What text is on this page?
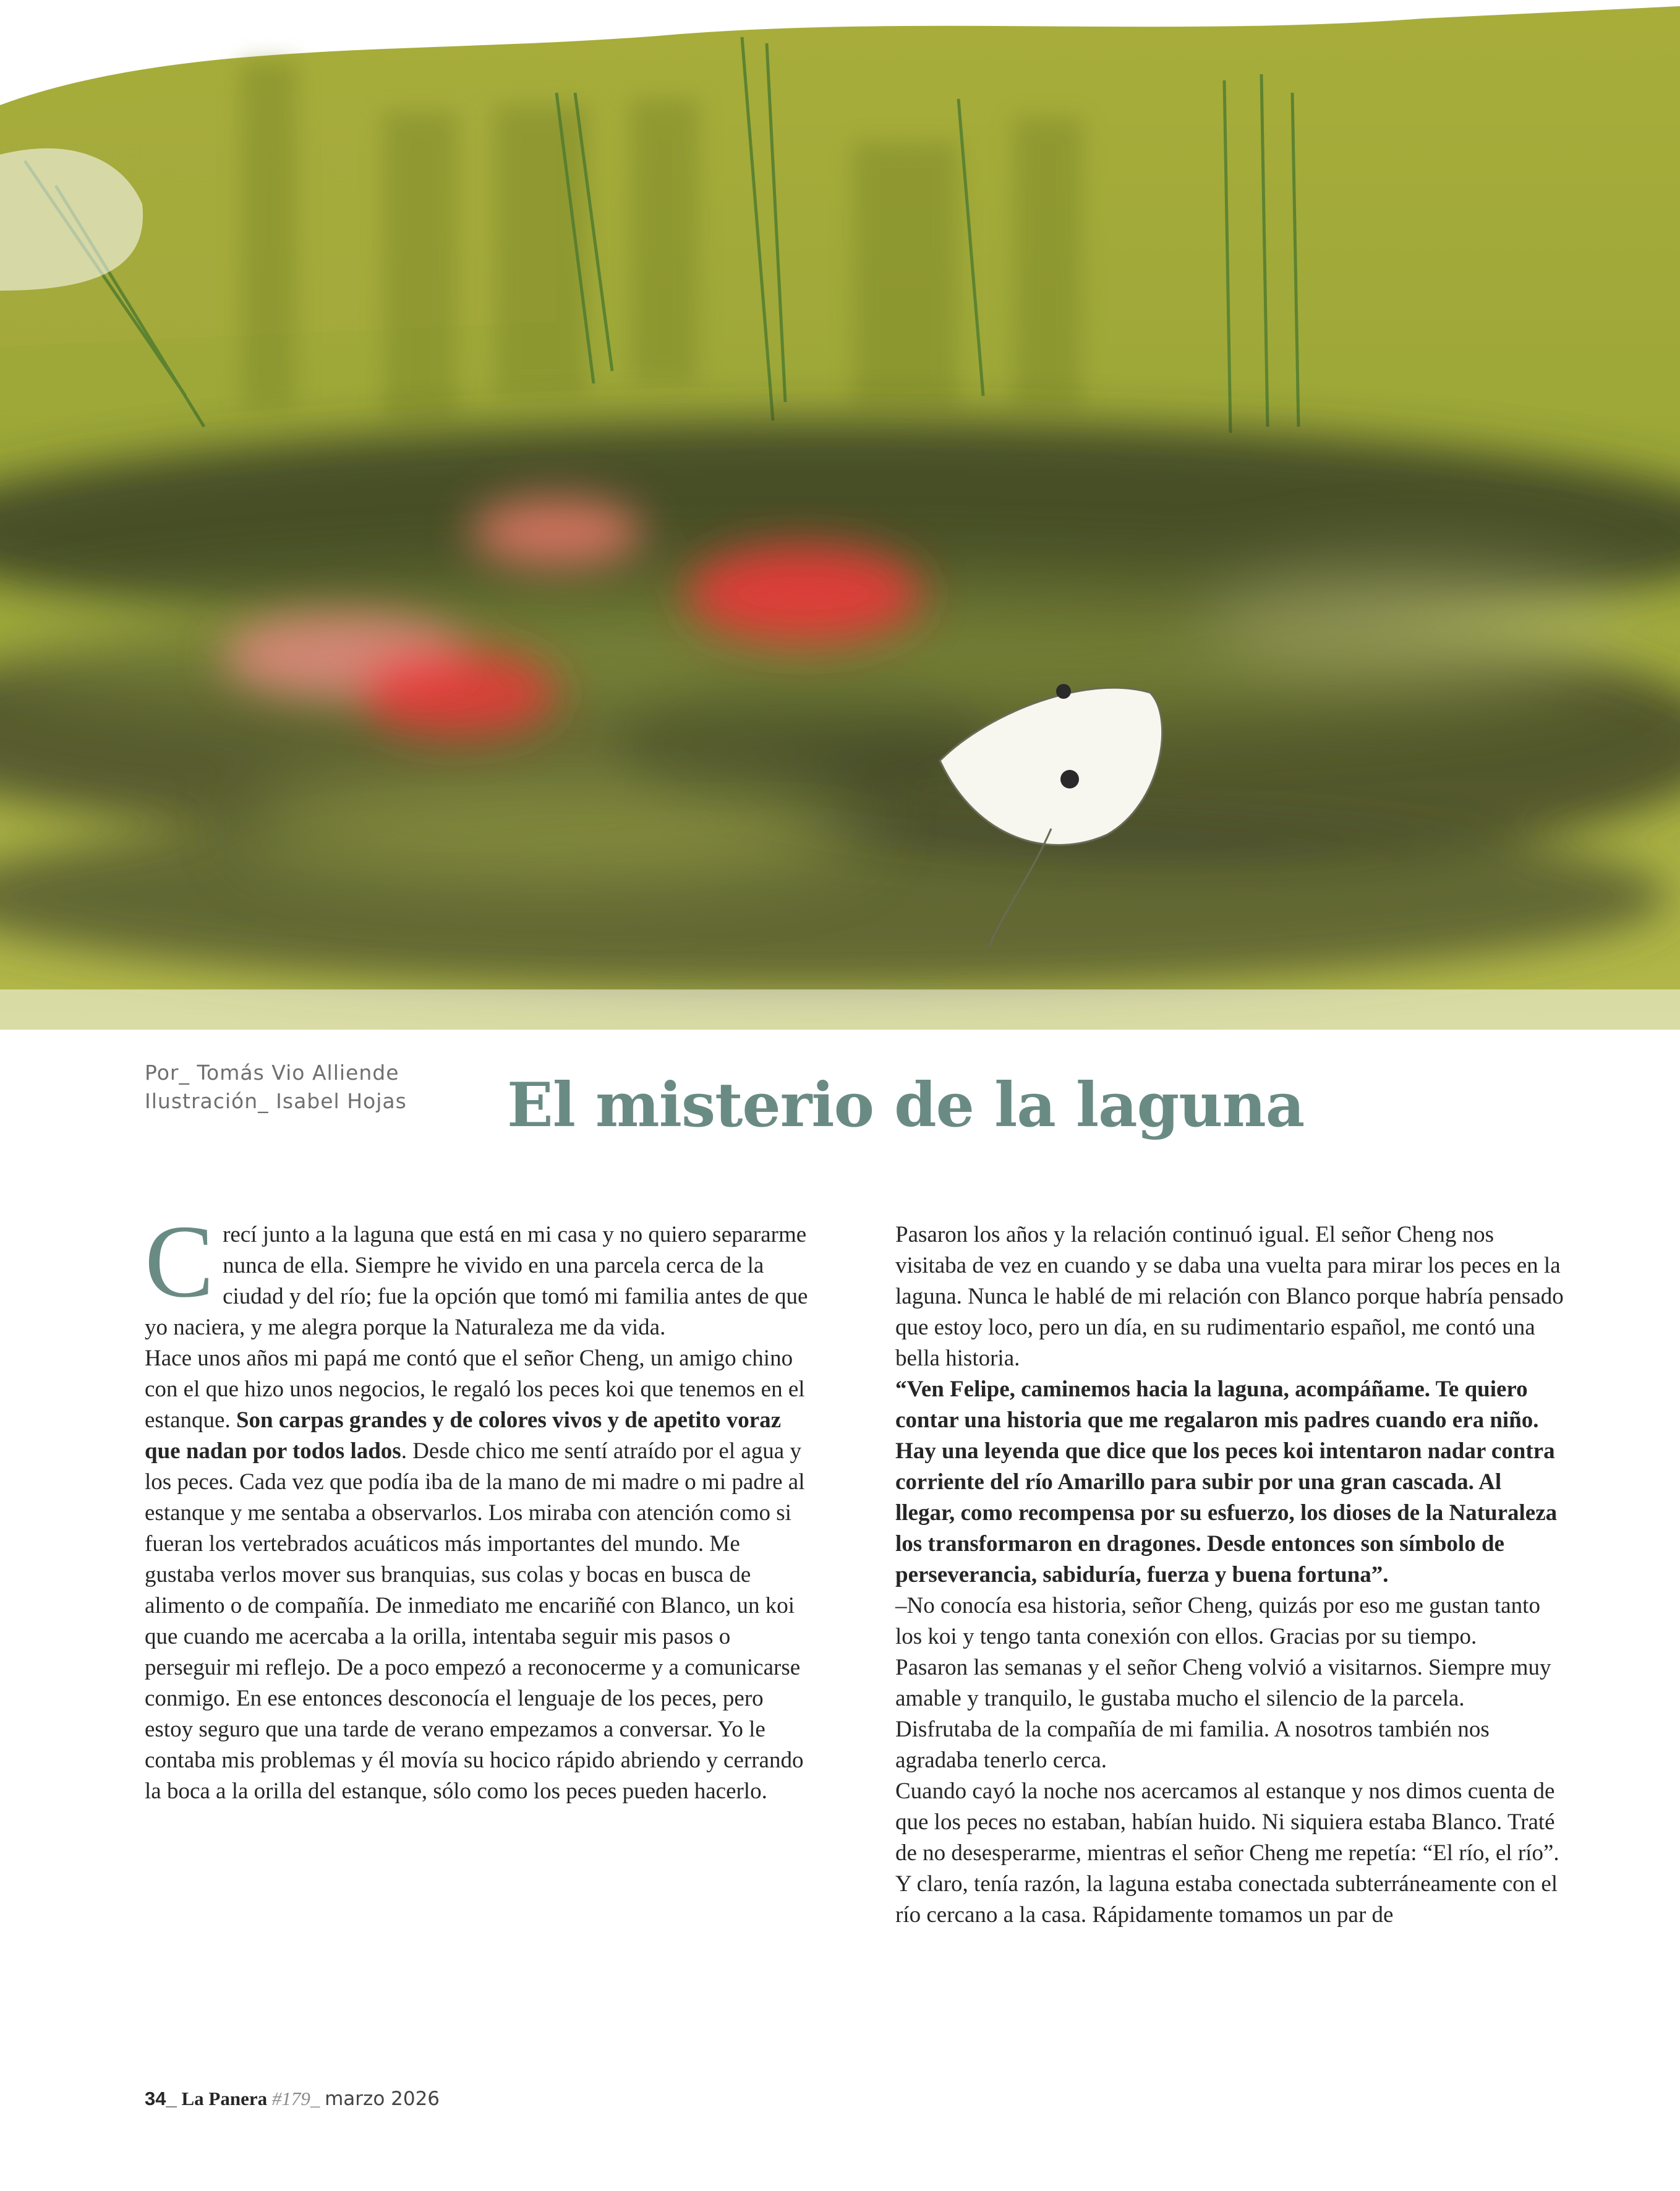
Por_ Tomás Vio Alliende
Ilustración_ Isabel Hojas El misterio de la laguna

C recí junto a la laguna que está en mi casa y no quiero separarme nunca de ella. Siempre he vivido en una parcela cerca de la ciudad y del río; fue la opción que tomó mi familia antes de que yo naciera, y me alegra porque la Naturaleza me da vida.

Hace unos años mi papá me contó que el señor Cheng, un amigo chino con el que hizo unos negocios, le regaló los peces koi que tenemos en el estanque. Son carpas grandes y de colores vivos y de apetito voraz que nadan por todos lados. Desde chico me sentí atraído por el agua y los peces. Cada vez que podía iba de la mano de mi madre o mi padre al estanque y me sentaba a observarlos. Los miraba con atención como si fueran los vertebrados acuáticos más importantes del mundo. Me gustaba verlos mover sus branquias, sus colas y bocas en busca de alimento o de compañía. De inmediato me encariñé con Blanco, un koi que cuando me acercaba a la orilla, intentaba seguir mis pasos o perseguir mi reflejo. De a poco empezó a reconocerme y a comunicarse conmigo. En ese entonces desconocía el lenguaje de los peces, pero estoy seguro que una tarde de verano empezamos a conversar. Yo le contaba mis problemas y él movía su hocico rápido abriendo y cerrando la boca a la orilla del estanque, sólo como los peces pueden hacerlo.

Pasaron los años y la relación continuó igual. El señor Cheng nos visitaba de vez en cuando y se daba una vuelta para mirar los peces en la laguna. Nunca le hablé de mi relación con Blanco porque habría pensado que estoy loco, pero un día, en su rudimentario español, me contó una bella historia.

“Ven Felipe, caminemos hacia la laguna, acompáñame. Te quiero contar una historia que me regalaron mis padres cuando era niño. Hay una leyenda que dice que los peces koi intentaron nadar contra corriente del río Amarillo para subir por una gran cascada. Al llegar, como recompensa por su esfuerzo, los dioses de la Naturaleza los transformaron en dragones. Desde entonces son símbolo de perseverancia, sabiduría, fuerza y buena fortuna”.

–No conocía esa historia, señor Cheng, quizás por eso me gustan tanto los koi y tengo tanta conexión con ellos. Gracias por su tiempo.

Pasaron las semanas y el señor Cheng volvió a visitarnos. Siempre muy amable y tranquilo, le gustaba mucho el silencio de la parcela. Disfrutaba de la compañía de mi familia. A nosotros también nos agradaba tenerlo cerca.

Cuando cayó la noche nos acercamos al estanque y nos dimos cuenta de que los peces no estaban, habían huido. Ni siquiera estaba Blanco. Traté de no desesperarme, mientras el señor Cheng me repetía: “El río, el río”. Y claro, tenía razón, la laguna estaba conectada subterráneamente con el río cercano a la casa. Rápidamente tomamos un par de

34_ La Panera #179_ marzo 2026
